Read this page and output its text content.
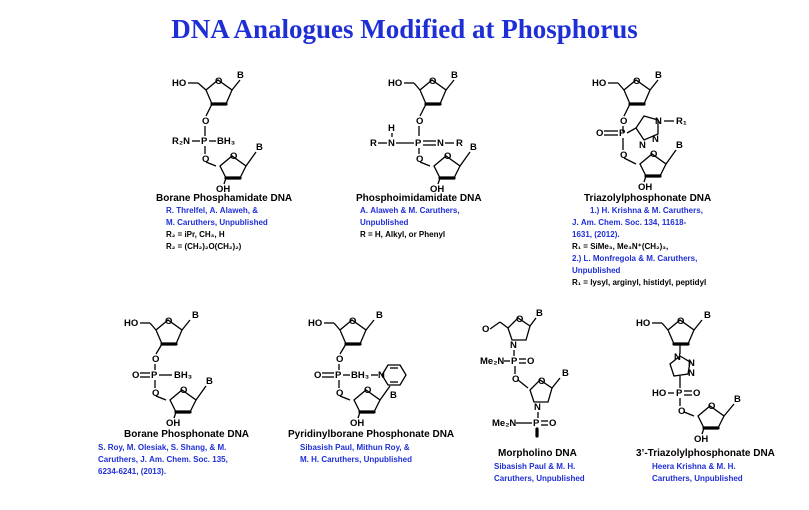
DNA Analogues Modified at Phosphorus
HO	O
B
O
R₂N P BH₃
O O
B
OH
Borane Phosphamidate DNA
R. Threlfel, A. Alaweh, &
M. Caruthers, Unpublished
R₂ = iPr, CH₃, H
R₂ = (CH₂)₂O(CH₂)₂)
HO	O
B
O
H
R N P N R
O O
B
OH
Phosphoimidamidate DNA
A. Alaweh & M. Caruthers,
Unpublished
R = H, Alkyl, or Phenyl

HO	O
B
O
O P
N
N
N
R₁
O O
B
OH
Triazolylphosphonate DNA
1.) H. Krishna & M. Caruthers,
J. Am. Chem. Soc. 134, 11618-
1631, (2012).
R₁ = SiMe₃, Me₃N⁺(CH₂)₃,
2.) L. Monfregola & M. Caruthers,
Unpublished
R₁ = lysyl, arginyl, histidyl, peptidyl
HO	O
B
O
O P BH₃
O O
B
OH
Borane Phosphonate DNA
S. Roy, M. Olesiak, S. Shang, & M.
Caruthers, J. Am. Chem. Soc. 135,
6234-6241, (2013).
HO	O
B
O
O P BH₃ N
O O B
OH
Pyridinylborane Phosphonate DNA
Sibasish Paul, Mithun Roy, &
M. H. Caruthers, Unpublished
O
O
B
N
Me₂N P O
O O
B
N
Me₂N P O
Morpholino DNA
Sibasish Paul & M. H.
Caruthers, Unpublished
HO	O
B
N
N
N
HO P O
O O
B
OH
3’-Triazolylphosphonate DNA
Heera Krishna & M. H.
Caruthers, Unpublished
